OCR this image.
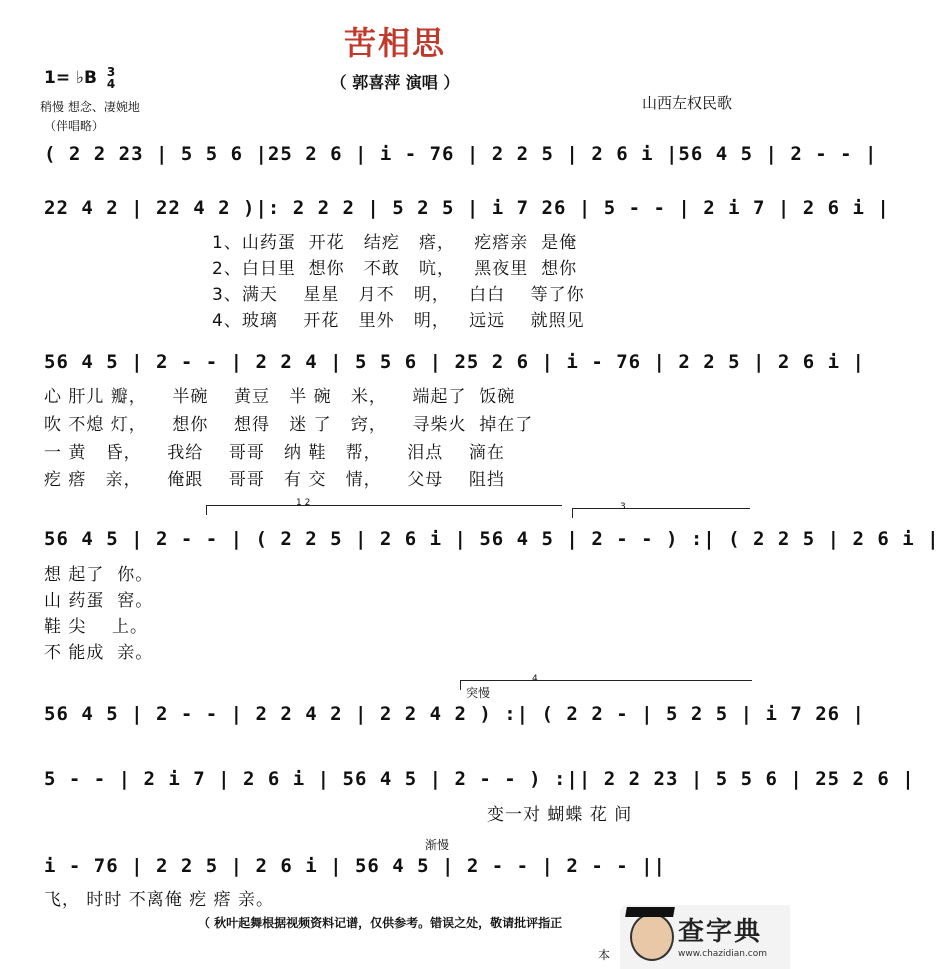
苦相思
（ 郭喜萍 演唱 ）
山西左权民歌
1= ♭B 3
4
稍慢 想念、凄婉地
（伴唱略）
( 2 2 23 | 5 5 6 |25 2 6 | i - 76 | 2 2 5 | 2 6 i |56 4 5 | 2 - - |
22 4 2 | 22 4 2 )|: 2 2 2 | 5 2 5 | i 7 26 | 5 - - | 2 i 7 | 2 6 i |
1、山药蛋  开花   结疙   瘩，   疙瘩亲  是俺
2、白日里  想你   不敢   吭，   黑夜里  想你
3、满天    星星   月不   明，   白白    等了你
4、玻璃    开花   里外   明，   远远    就照见
56 4 5 | 2 - - | 2 2 4 | 5 5 6 | 25 2 6 | i - 76 | 2 2 5 | 2 6 i |
心 肝儿 瓣，    半碗    黄豆   半 碗   米，    端起了  饭碗
吹 不熄 灯，    想你    想得   迷 了   窍，    寻柴火  掉在了
一 黄   昏，    我给    哥哥   纳 鞋   帮，    泪点    滴在
疙 瘩   亲，    俺跟    哥哥   有 交   情，    父母    阻挡
1 2	3
56 4 5 | 2 - - | ( 2 2 5 | 2 6 i | 56 4 5 | 2 - - ) :| ( 2 2 5 | 2 6 i |
想 起了  你。
山 药蛋  窖。
鞋 尖    上。
不 能成  亲。
4
突慢
56 4 5 | 2 - - | 2 2 4 2 | 2 2 4 2 ) :| ( 2 2 - | 5 2 5 | i 7 26 |
5 - - | 2 i 7 | 2 6 i | 56 4 5 | 2 - - ) :|| 2 2 23 | 5 5 6 | 25 2 6 |
变一对 蝴蝶 花 间
渐慢
i - 76 | 2 2 5 | 2 6 i | 56 4 5 | 2 - - | 2 - - ||
飞， 时时 不离俺 疙 瘩 亲。
（ 秋叶起舞根据视频资料记谱，仅供参考。错误之处，敬请批评指正
本
查字典
www.chazidian.com
